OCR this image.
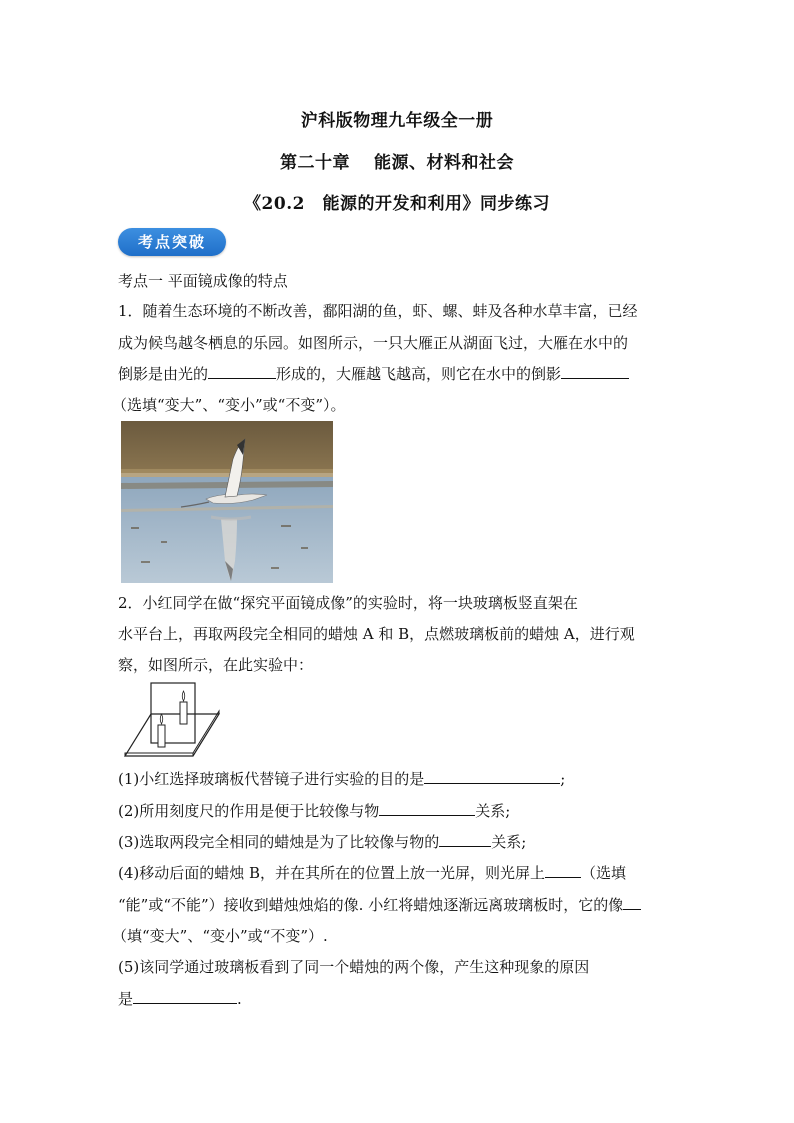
沪科版物理九年级全一册
第二十章　 能源、材料和社会
《20.2　能源的开发和利用》同步练习
考点突破
考点一 平面镜成像的特点
1．随着生态环境的不断改善，鄱阳湖的鱼，虾、螺、蚌及各种水草丰富，已经
成为候鸟越冬栖息的乐园。如图所示，一只大雁正从湖面飞过，大雁在水中的
倒影是由光的	形成的，大雁越飞越高，则它在水中的倒影
（选填“变大”、“变小”或“不变”）。
2．小红同学在做“探究平面镜成像”的实验时，将一块玻璃板竖直架在
水平台上，再取两段完全相同的蜡烛 A 和 B，点燃玻璃板前的蜡烛 A，进行观
察，如图所示，在此实验中：
(1)小红选择玻璃板代替镜子进行实验的目的是	;
(2)所用刻度尺的作用是便于比较像与物	关系;
(3)选取两段完全相同的蜡烛是为了比较像与物的	关系;
(4)移动后面的蜡烛 B，并在其所在的位置上放一光屏，则光屏上 （选填
“能”或“不能”）接收到蜡烛烛焰的像. 小红将蜡烛逐渐远离玻璃板时，它的像
（填“变大”、“变小”或“不变”）.
(5)该同学通过玻璃板看到了同一个蜡烛的两个像，产生这种现象的原因
是	.
